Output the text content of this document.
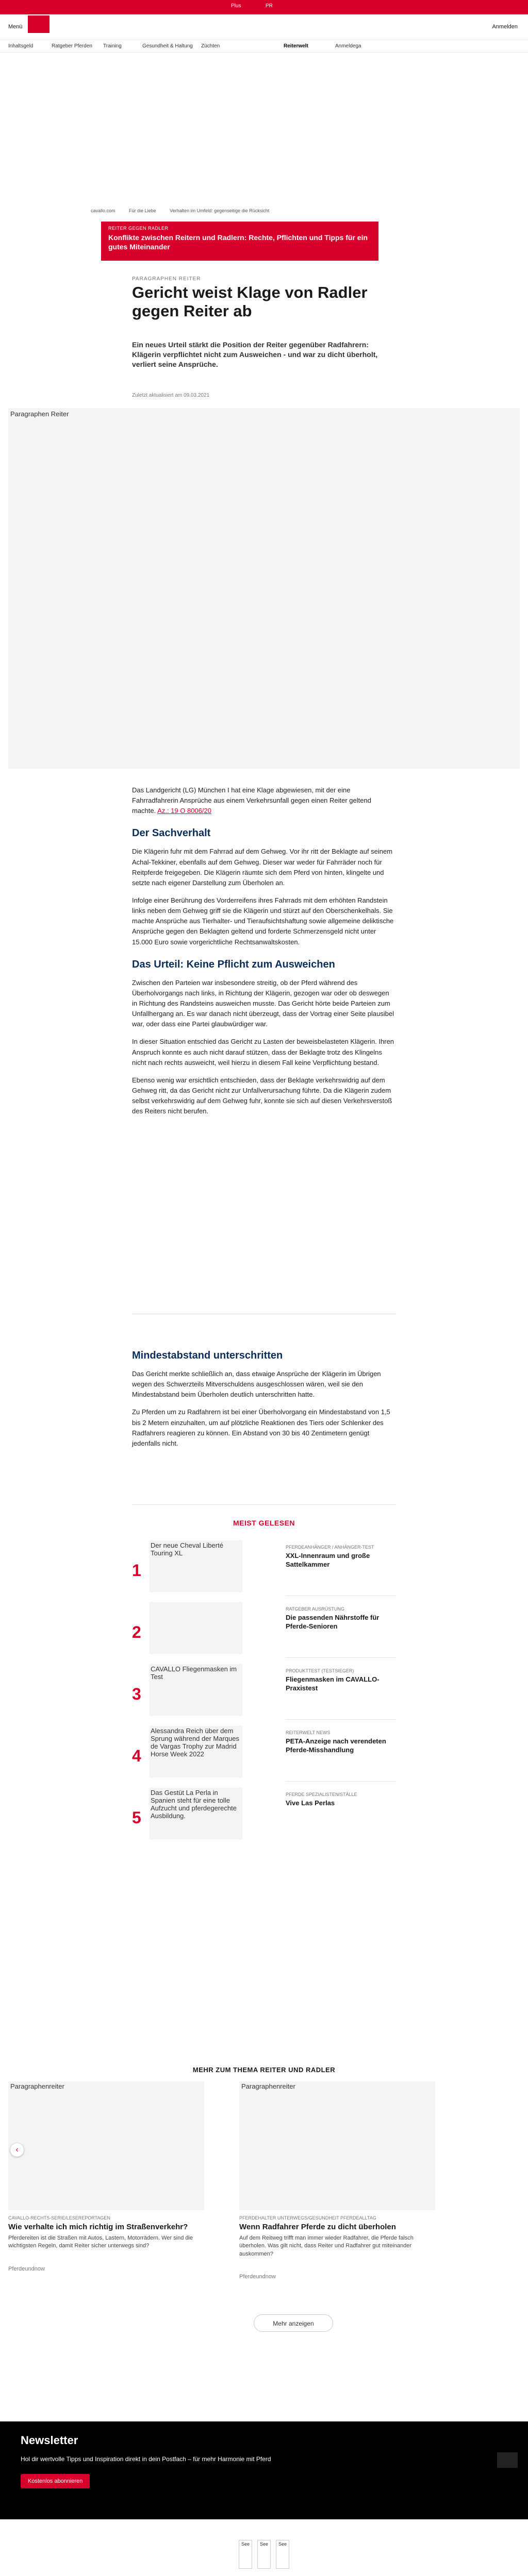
Plus	PR
Menü	Anmelden
Inhaltsgeld	Ratgeber Pferden Training	Gesundheit & Haltung Züchten	Reiterwelt	Anmeldega
cavallo.com	Für die Liebe	Verhalten im Umfeld: gegenseitige die Rücksicht
REITER GEGEN RADLER
Konflikte zwischen Reitern und Radlern: Rechte, Pflichten und Tipps für ein gutes Miteinander
PARAGRAPHEN REITER
Gericht weist Klage von Radler gegen Reiter ab
Ein neues Urteil stärkt die Position der Reiter gegenüber Radfahrern: Klägerin verpflichtet nicht zum Ausweichen - und war zu dicht überholt, verliert seine Ansprüche.
Zuletzt aktualisiert am 09.03.2021
Paragraphen Reiter

Das Landgericht (LG) München I hat eine Klage abgewiesen, mit der eine Fahrradfahrerin Ansprüche aus einem Verkehrsunfall gegen einen Reiter geltend machte. Az.: 19 O 8006/20

Der Sachverhalt

Die Klägerin fuhr mit dem Fahrrad auf dem Gehweg. Vor ihr ritt der Beklagte auf seinem Achal-Tekkiner, ebenfalls auf dem Gehweg. Dieser war weder für Fahrräder noch für Reitpferde freigegeben. Die Klägerin räumte sich dem Pferd von hinten, klingelte und setzte nach eigener Darstellung zum Überholen an.

Infolge einer Berührung des Vorderreifens ihres Fahrrads mit dem erhöhten Randstein links neben dem Gehweg griff sie die Klägerin und stürzt auf den Oberschenkelhals. Sie machte Ansprüche aus Tierhalter- und Tieraufsichtshaftung sowie allgemeine deliktische Ansprüche gegen den Beklagten geltend und forderte Schmerzensgeld nicht unter 15.000 Euro sowie vorgerichtliche Rechtsanwaltskosten.

Das Urteil: Keine Pflicht zum Ausweichen

Zwischen den Parteien war insbesondere streitig, ob der Pferd während des Überholvorgangs nach links, in Richtung der Klägerin, gezogen war oder ob deswegen in Richtung des Randsteins ausweichen musste. Das Gericht hörte beide Parteien zum Unfallhergang an. Es war danach nicht überzeugt, dass der Vortrag einer Seite plausibel war, oder dass eine Partei glaubwürdiger war.

In dieser Situation entschied das Gericht zu Lasten der beweisbelasteten Klägerin. Ihren Anspruch konnte es auch nicht darauf stützen, dass der Beklagte trotz des Klingelns nicht nach rechts ausweicht, weil hierzu in diesem Fall keine Verpflichtung bestand.

Ebenso wenig war ersichtlich entschieden, dass der Beklagte verkehrswidrig auf dem Gehweg ritt, da das Gericht nicht zur Unfallverursachung führte. Da die Klägerin zudem selbst verkehrswidrig auf dem Gehweg fuhr, konnte sie sich auf diesen Verkehrsverstoß des Reiters nicht berufen.

Mindestabstand unterschritten

Das Gericht merkte schließlich an, dass etwaige Ansprüche der Klägerin im Übrigen wegen des Schwerzteils Mitverschuldens ausgeschlossen wären, weil sie den Mindestabstand beim Überholen deutlich unterschritten hatte.

Zu Pferden um zu Radfahrern ist bei einer Überholvorgang ein Mindestabstand von 1,5 bis 2 Metern einzuhalten, um auf plötzliche Reaktionen des Tiers oder Schlenker des Radfahrers reagieren zu können. Ein Abstand von 30 bis 40 Zentimetern genügt jedenfalls nicht.

MEIST GELESEN
1
Der neue Cheval Liberté Touring XL
PFERDEANHÄNGER / ANHÄNGER-TEST
XXL-Innenraum und große Sattelkammer
2
RATGEBER AUSRÜSTUNG
Die passenden Nährstoffe für Pferde-Senioren
3
CAVALLO Fliegenmasken im Test
PRODUKTTEST (TESTSIEGER)
Fliegenmasken im CAVALLO-Praxistest
4
Alessandra Reich über dem Sprung während der Marques de Vargas Trophy zur Madrid Horse Week 2022
REITERWELT NEWS
PETA-Anzeige nach verendeten Pferde-Misshandlung
5
Das Gestüt La Perla in Spanien steht für eine tolle Aufzucht und pferdegerechte Ausbildung.
PFERDE SPEZIALISTEN/STÄLLE
Vive Las Perlas
MEHR ZUM THEMA REITER UND RADLER
Paragraphenreiter	Paragraphenreiter
‹
CAVALLO-RECHTS-SERIE/LESEREPORTAGEN
Wie verhalte ich mich richtig im Straßenverkehr?
Pferdereiten ist die Straßen mit Autos, Lastern, Motorrädern. Wer sind die wichtigsten Regeln, damit Reiter sicher unterwegs sind?
Pferdeundnow
PFERDEHALTER UNTERWEGS/GESUNDHEIT PFERDEALLTAG
Wenn Radfahrer Pferde zu dicht überholen
Auf dem Reitweg trifft man immer wieder Radfahrer, die Pferde falsch überholen. Was gilt nicht, dass Reiter und Radfahrer gut miteinander auskommen?
Pferdeundnow
Mehr anzeigen
Newsletter
Hol dir wertvolle Tipps und Inspiration direkt in dein Postfach – für mehr Harmonie mit Pferd
Kostenlos abonnieren
See	See	See
